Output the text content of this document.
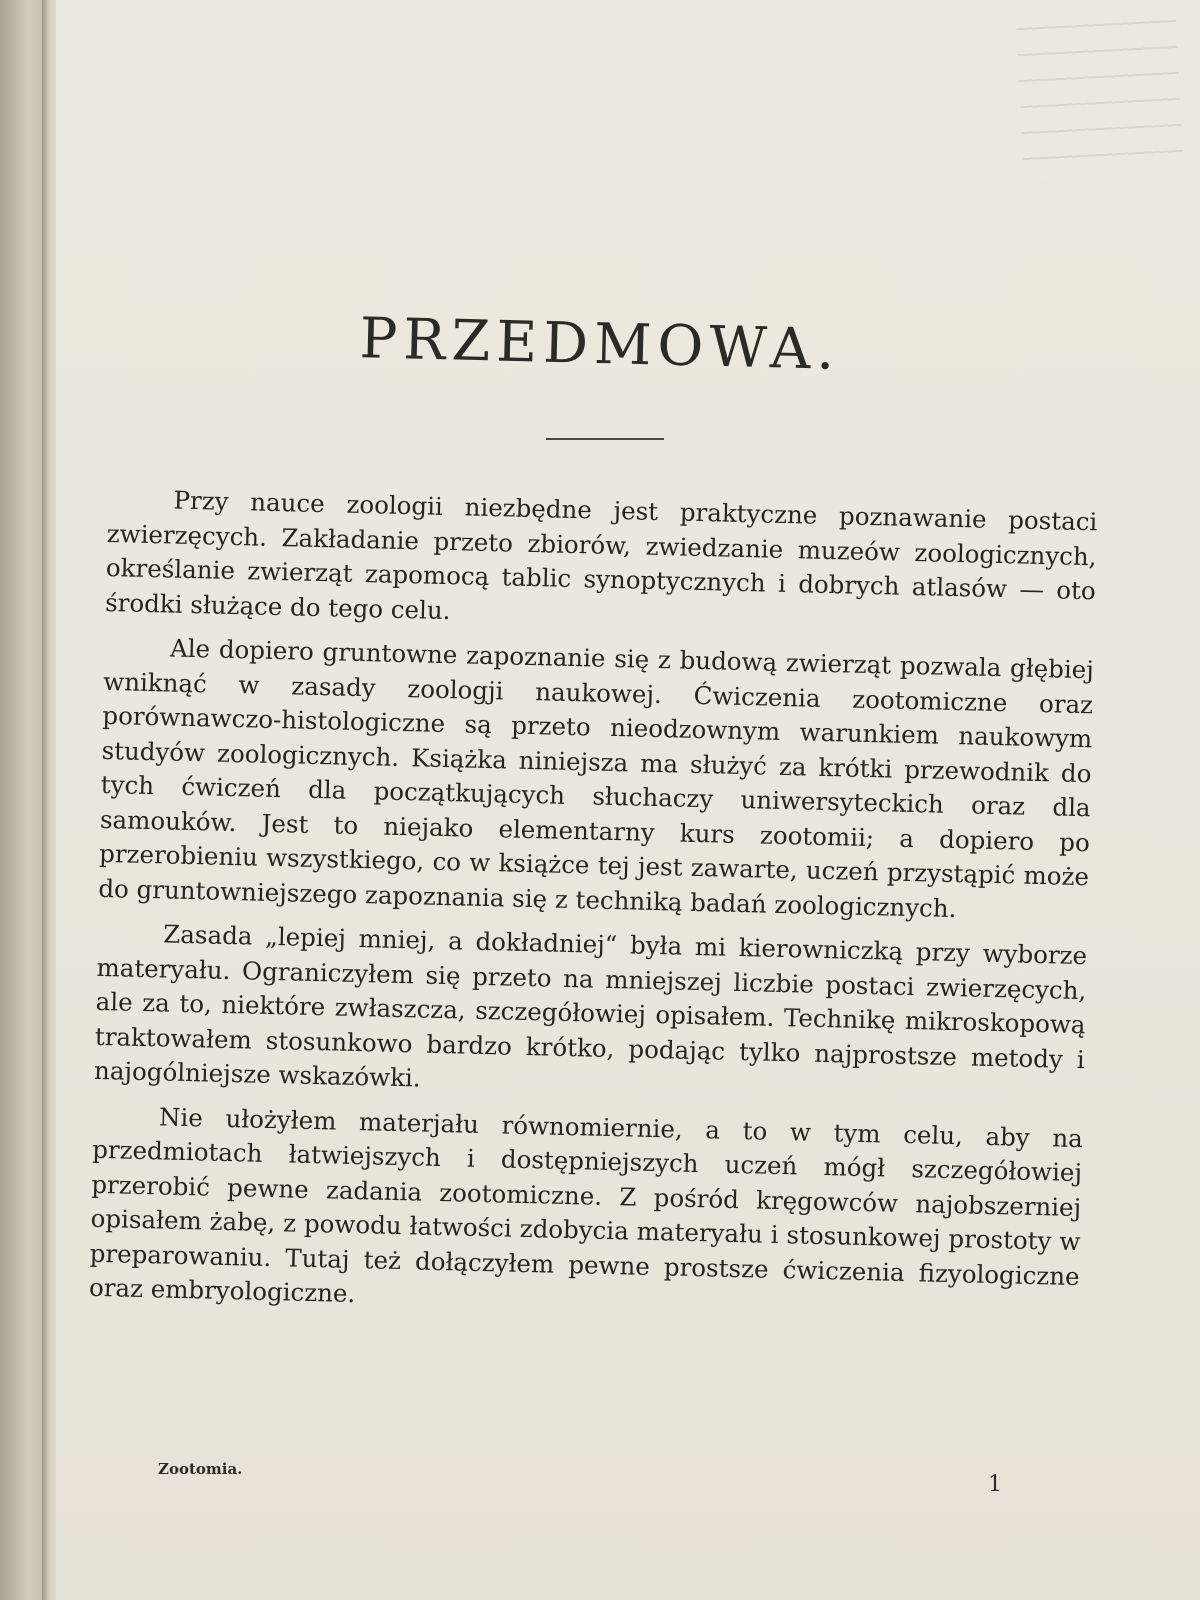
PRZEDMOWA.

Przy nauce zoologii niezbędne jest praktyczne poznawanie postaci zwierzęcych. Zakładanie przeto zbiorów, zwiedzanie muzeów zoologicznych, określanie zwierząt zapomocą tablic synoptycznych i dobrych atlasów — oto środki służące do tego celu.

Ale dopiero gruntowne zapoznanie się z budową zwierząt pozwala głębiej wniknąć w zasady zoologji naukowej. Ćwiczenia zootomiczne oraz porównawczo-histologiczne są przeto nieodzownym warunkiem naukowym studyów zoologicznych. Książka niniejsza ma służyć za krótki przewodnik do tych ćwiczeń dla początkujących słuchaczy uniwersyteckich oraz dla samouków. Jest to niejako elementarny kurs zootomii; a dopiero po przerobieniu wszystkiego, co w książce tej jest zawarte, uczeń przystąpić może do gruntowniejszego zapoznania się z techniką badań zoologicznych.

Zasada „lepiej mniej, a dokładniej“ była mi kierowniczką przy wyborze materyału. Ograniczyłem się przeto na mniejszej liczbie postaci zwierzęcych, ale za to, niektóre zwłaszcza, szczegółowiej opisałem. Technikę mikroskopową traktowałem stosunkowo bardzo krótko, podając tylko najprostsze metody i najogólniejsze wskazówki.

Nie ułożyłem materjału równomiernie, a to w tym celu, aby na przedmiotach łatwiejszych i dostępniejszych uczeń mógł szczegółowiej przerobić pewne zadania zootomiczne. Z pośród kręgowców najobszerniej opisałem żabę, z powodu łatwości zdobycia materyału i stosunkowej prostoty w preparowaniu. Tutaj też dołączyłem pewne prostsze ćwiczenia fizyologiczne oraz embryologiczne.

Zootomia.
1
